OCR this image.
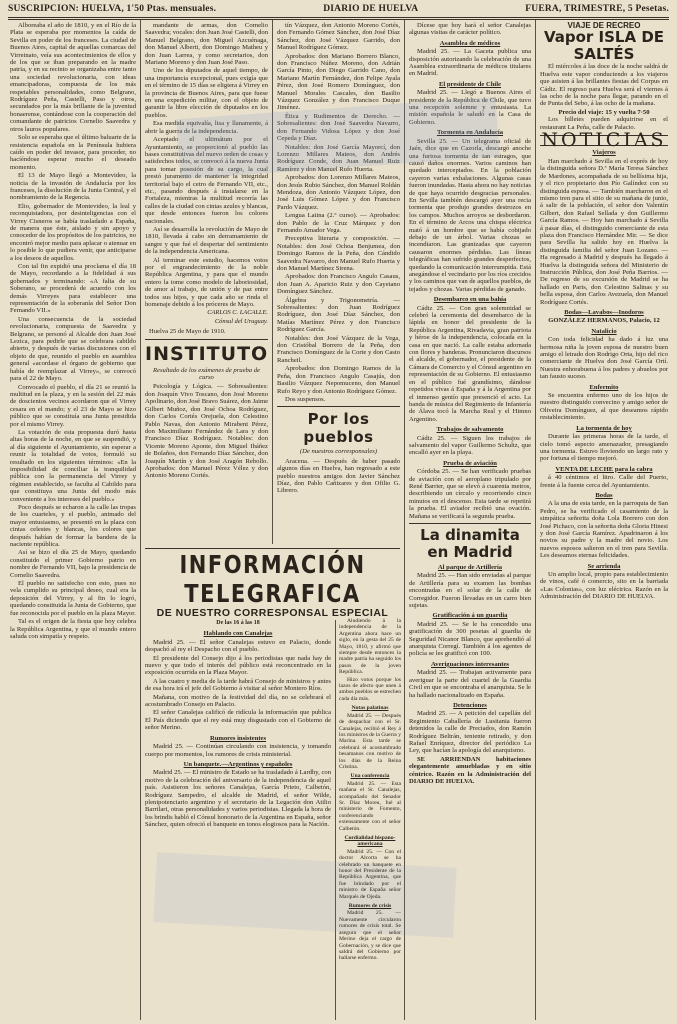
SUSCRIPCION: HUELVA, 1'50 Ptas. mensuales.	DIARIO DE HUELVA	FUERA, TRIMESTRE, 5 Pesetas.

Alboreaba el año de 1810, y en el Río de la Plata se esperaba por momentos la caída de Sevilla en poder de los franceses. La ciudad de Buenos Aires, capital de aquellas comarcas del Virreinato, veía sus acontecimientos de ellos y de los que se iban preparando en la madre patria, y en su recinto se organizaba entre tanto una sociedad revolucionaria, con ideas emancipadoras, compuesta de los más respetables personalidades, como Belgrano, Rodríguez Peña, Castelli, Paso y otros, secundados por la más brillante de la juventud bonaerense, contándose con la cooperación del comandante de patricios Cornelio Saavedra y otros lauros populares.

Solo se esperaba que el último baluarte de la resistencia española en la Península hubiera caído en poder del invasor, para proceder, no hacíéndose esperar mucho el deseado momento.

El 13 de Mayo llegó a Montevideo, la noticia de la invasión de Andalucía por los franceses, la disolución de la Junta Central, y el nombramiento de la Regencia.

Elio, gobernador de Montevideo, la leal y reconquistadora, por desinteligencias con el Virrey Cisneros se había trasladado a España, de manera que éste, aislado y sin apoyo y conocedor de los propósitos de los patricios, no encontró mejor medio para aplacar o atenuar en lo posible lo que pudiera venir, que anticiparse a los deseos de aquellos.

Con tal fin expidió una proclama el día 18 de Mayo, recordando a la fidelidad á sus gobernados y terminando: «A falta de su Soberano, se procederá de acuerdo con los demás Virreyes para establecer una representación de la soberanía del Señor Don Fernando VII.»

Una consecuencia de la sociedad revolucionaria, compuesta de Saavedra y Belgrano, se personó al Alcalde don Juan José Lezica, para pedirle que se celebrara cabildo abierto, y después de varias discusiones con el objeto de que, reunido el pueblo en asamblea general «acordase el órgano de gobierno que había de reemplazar al Virrey», se convocó para el 22 de Mayo.

Convocado el pueblo, el día 21 se reunió la multitud en la plaza, y en la sesión del 22 más de doscientos vecinos acordaron que el Virrey cesara en el mando; y el 23 de Mayo se hizo público que se constituía una Junta presidida por el mismo Virrey.

La votación de esta propuesta duró hasta altas horas de la noche, en que se suspendió, y al día siguiente el Ayuntamiento, sin esperar a reunir la totalidad de votos, formuló su resultado en los siguientes términos: «En la imposibilidad de conciliar la tranquilidad pública con la permanencia del Virrey y régimen establecido, se faculta al Cabildo para que constituya una Junta del modo más conveniente a los intereses del pueblo.»

Poco después se echaron a la calle las tropas de los cuarteles, y el pueblo, animado del mayor entusiasmo, se presentó en la plaza con cintas celestes y blancas, los colores que después habían de formar la bandera de la naciente república.

Así se hizo el día 25 de Mayo, quedando constituido el primer Gobierno patrio en nombre de Fernando VII, bajo la presidencia de Cornelio Saavedra.

El pueblo no satisfecho con esto, pues no vela cumplido su principal deseo, cual era la deposición del Virrey, y al fin lo logró, quedando constituida la Junta de Gobierno, que fue reconocida por el pueblo en la plaza Mayor.

Tal es el origen de la fiesta que hoy celebra la República Argentina, y que el mundo entero saluda con simpatía y respeto.

mandante de armas, don Cornelio Saavedra; vocales: don Juan José Castelli, don Manuel Belgrano, don Miguel Azcuénaga, don Manuel Alberti, don Domingo Matheu y don Juan Larrea, y como secretarios, don Mariano Moreno y don Juan José Paso.

Uno de los diputados de aquel tiempo, de una importancia excepcional, pues exigía que en el término de 15 días se eligiera á Virrey en la provincia de Buenos Aires, para que fuese en una expedición militar, con el objeto de garantir la libre elección de diputados en los pueblos.

Esa medida equivalía, lisa y llanamente, á abrir la guerra de la independencia.

Aceptado el ultimátum por el Ayuntamiento, se proporcionó al pueblo las bases constitutivas del nuevo orden de cosas y satisfechos todos, se convocó á la nueva Junta para tomar posesión de su cargo, la cual prestó juramento de mantener la integridad territorial bajo el cetro de Fernando VII, etc., etc., pasando después á instalarse en la Fortaleza, mientras la multitud recorría las calles de la ciudad con cintas azules y blancas, que desde entonces fueron los colores nacionales.

Así se desarrolla la revolución de Mayo de 1810, llevada á cabo sin derramamiento de sangre y que fué el despertar del sentimiento de la independencia Americana.

Al terminar este estudio, hacemos votos por el engrandecimiento de la noble República Argentina, y para que el mundo entero la tome como modelo de laboriosidad, de amor al trabajo, de unión y de paz entre todos sus hijos, y que cada año se rinda el homenaje debido á los próceres de Mayo.

CARLOS C. LACALLE.
Cónsul del Uruguay.
Huelva 25 de Mayo de 1910.
INSTITUTO
Resultado de los exámenes de prueba de curso

Psicología y Lógica. — Sobresalientes: don Joaquín Vivo Toscano, don José Moreno Apolinario, don José Bravo Suárez, don Jaime Gilbert Muñoz, don José Ochoa Rodríguez, don Carlos Cortés Orejuela, don Celestino Pablo Navas, don Antonio Mirabent Pérez, don Maximiliano Fernández de Lara y don Francisco Díaz Rodríguez. Notables: don Vicente Moreno Aponte, don Miguel Ibáñez de Bolaños, don Fernando Díaz Sánchez, don Joaquín Martín y don José Aragón Rebollo. Aprobados: don Manuel Pérez Vélez y don Antonio Moreno Cortés.

tín Vázquez, don Antonio Moreno Cortés, don Fernando Gómez Sánchez, don José Díaz Sánchez, don José Vázquez Garrido, don Manuel Rodríguez Gómez.

Aprobados: don Mariano Borrero Blanco, don Francisco Núñez Moreno, don Adrián García Pinto, don Diego Garrido Cano, don Mariano Martín Fernández, don Felipe Ayala Pérez, don José Romero Domínguez, don Manuel Morales Cascales, don Basilio Vázquez González y don Francisco Duque Jiménez.

Ética y Rudimentos de Derecho. — Sobresalientes: don José Saavedra Navarro, don Fernando Vidosa López y don José Cepeda y Díaz.

Notables: don José García Mayorcí, don Lorenzo Millares Mateos, don Andrés Rodríguez Conde, don Juan Manuel Ruiz Ramírez y don Manuel Rufo Huerta.

Aprobados: don Lorenzo Millares Mateos, don Jesús Rubio Sánchez, don Manuel Roldán Mendoza, don Antonio Vázquez López, don José Luis Gómez López y don Francisco Pardo Vázquez.

Lengua Latina (2.º curso). — Aprobados: don Pablo de la Cruz Márquez y don Fernando Amador Vega.

Preceptiva literaria y composición. — Notables: don José Ochoa Benjumea, don Domingo Ramos de la Peña, don Cándido Saavedra Navarro, don Manuel Rufo Huerta y don Manuel Martínez Sirena.

Aprobados: don Francisco Angulo Casaus, don Juan A. Aparicio Ruiz y don Cayetano Domínguez Sánchez.

Álgebra y Trigonometría. — Sobresalientes: don Juan Rodríguez Rodríguez, don José Díaz Sánchez, don Matías Martínez Pérez y don Francisco Rodríguez García.

Notables: don José Vázquez de la Vega, don Cristóbal Borrero de la Peña, don Francisco Domínguez de la Corte y don Casto Rancheil.

Aprobados: don Domingo Ramos de la Peña, don Francisco Angulo Casajús, don Basilio Vázquez Nepomuceno, don Manuel Rufo Reyo y don Antonio Rodríguez Gómez.

Dos suspensos.

Por los pueblos
(De nuestros corresponsales)

Aracena. — Después de haber pasado algunos días en Huelva, han regresado a este pueblo nuestros amigos don Javier Sánchez Díaz, don Pablo Cañizares y don Ofilio G. Librero.

INFORMACIÓN TELEGRAFICA
DE NUESTRO CORRESPONSAL ESPECIAL
De las 16 á las 18
Hablando con Canalejas

Madrid 25. — El señor Canalejas estuvo en Palacio, donde despachó al rey el Despacho con el pueblo.

El presidente del Consejo dijo á los periodistas que nada hay de nuevo y que todo el interés del público está reconcentrado en la exposición ocurrida en la Plaza Mayor.

A las cuatro y media de la tarde habrá Consejo de ministros y antes de esa hora irá el jefe del Gobierno á visitar al señor Montero Ríos.

Mañana, con motivo de la festividad del día, no se celebrará el acostumbrado Consejo en Palacio.

El señor Canalejas calificó de ridícula la información que publica El País diciendo que el rey está muy disgustado con el Gobierno de señor Merino.

Rumores insistentes

Madrid 25. — Continúan circulando con insistencia, y tomando cuerpo por momentos, los rumores de crisis ministerial.

Un banquete.—Argentinos y españoles

Madrid 25. — El ministro de Estado se ha trasladado á Lardhy, con motivo de la celebración del aniversario de la independencia de aquel país. Asistieron los señores Canalejas, García Prieto, Calbetón, Rodríguez Sampedro, el alcalde de Madrid, el señor Wilde, plenipotenciario argentino y el secretario de la Legación don Atilio Barrilari, otras personalidades y varios periodistas. Llegada la hora de los brindis habló el Cónsul honorario de la Argentina en España, señor Sánchez, quien ofreció el banquete en tonos elogiosos para la Nación.

Dícese que hoy hará el señor Canalejas algunas visitas de carácter político.

Asamblea de médicos

Madrid 25. — La Gaceta publica una disposición autorizando la celebración de una Asamblea extraordinaria de médicos titulares en Madrid.

El presidente de Chile

Madrid 25. — Llegó a Buenos Aires el presidente de la República de Chile, que tuvo una recepción solemne y entusiasta. La misión española le saludó en la Casa de Gobierno.

Tormenta en Andalucía

Sevilla 25. — Un telegrama oficial de Jaén, dice que en Cazorla, descargó anoche una furiosa tormenta de tan estragos, que causó daños enormes. Varios caminos han quedado interceptados. En la población cayeron varias exhalaciones. Algunas casas fueron inundadas. Hasta ahora no hay noticias de que haya ocurrido desgracias personales. En Sevilla también descargó ayer una recia tormenta que produjo grandes destrozos en los campos. Muchos arroyos se desbordaron. En el término de Arcos una chispa eléctrica mató á un hombre que se había cobijado debajo de un árbol. Varias chozas se incendiaron. Las granizadas que cayeron causaron enormes pérdidas. Las líneas telegráficas han sufrido grandes desperfectos, quedando la comunicación interrumpida. Está anegándose el vecindario por los ríos crecidos y los caminos que van de aquellos pueblos, de tejados y chozas. Varias pérdidas de ganado.

Desembarco en una bahía

Cádiz 25. — Con gran solemnidad se celebró la ceremonia del desembarco de la lápida en honor del presidente de la República Argentina, Rivadavia, gran patriota y héroe de la independencia, colocada en la casa en que nació. La calle estaba adornada con flores y banderas. Pronunciaron discursos el alcalde, el gobernador, el presidente de la Cámara de Comercio y el Cónsul argentino en representación de su Gobierno. El entusiasmo en el público fué grandísimo, dándose repetidos vivas á España y á la Argentina por el inmenso gentío que presenció el acto. La banda de música del Regimiento de Infantería de Álava tocó la Marcha Real y el Himno Argentino.

Trabajos de salvamento

Cádiz 25. — Siguen los trabajos de salvamento del vapor Guillermo Schultz, que encalló ayer en la playa.

Prueba de aviación

Córdoba 25. — Se han verificado pruebas de aviación con el aeroplano tripulado por René Barrier, que se elevó á cuarenta metros, describiendo un círculo y recorriendo cinco minutos en el descenso. Esta tarde se repetirá la prueba. El aviador recibió una ovación. Mañana se verificará la segunda prueba.

La dinamita en Madrid
Al parque de Artillería

Madrid 25. — Han sido enviadas al parque de Artillería para su examen las bombas encontradas en el solar de la calle de Corregidor. Fueron llevadas en un carro bien sujetas.

Gratificación á un guardia

Madrid 25. — Se le ha concedido una gratificación de 300 pesetas al guardia de Seguridad Nicanor Blanco, que aprehendió al anarquista Corregí. También á los agentes de policía se les gratificó con 100.

Averiguaciones interesantes

Madrid 25. — Trabajan activamente para averiguar la parte del cuartel de la Guardia Civil en que se encontraba el anarquista. Se le ha hallado nacionalizado en España.

Detenciones

Madrid 25. — A petición del capellán del Regimiento Caballería de Lusitania fueron detenidos la calle de Preciados, don Ramón Rodríguez Beltrán, teniente retirado, y don Rafael Enríquez, director del periódico La Ley, que hacían la apología del anarquismo.

SE ARRIENDAN habitaciones elegantemente amuebladas y en sitio céntrico. Razón en la Administración del DIARIO DE HUELVA.

VIAJE DE RECREO
Vapor ISLA DE SALTÉS

El miércoles á las doce de la noche saldrá de Huelva este vapor conduciendo a los viajeros que asisten á las brillantes fiestas del Corpus en Cádiz. El regreso para Huelva será el viernes á las ocho de la noche para llegar, parando en el de Punta del Sebo, á las ocho de la mañana.

Precio del viaje: 15 y vuelta 7·50

Los billetes pueden adquirirse en el restaurant La Peña, calle de Palacio.

NOTICIAS
Viajeros

Han marchado á Sevilla en el exprés de hoy la distinguida señora D.ª María Teresa Sánchez de Mardones, acompañada de su bellísima hija, y el rico propietario don Pío Galíndez con su distinguida esposa. — También marcharon en el mismo tren para el sitio de su mañana de junio, á salir de la población, el señor don Valentín Gilbert, don Rafael Sellada y don Guillermo García Ramos. — Hoy han marchado á Sevilla á pasar días, el distinguido comerciante de esta plaza don Francisco Hernández Mir. — Se dice para Sevilla ha salido hoy en Huelva la distinguida familia del señor Juan Lozano. — Ha regresado á Madrid y después ha llegado á Huelva la distinguida señora del Ministerio de Instrucción Pública, don José Peña Barrios. — De regreso de su excursión de Madrid se ha hallado en Paris, don Celestino Salinas y su bella esposa, don Carlos Avezuela, don Manuel Rodríguez Cortés.

Bodas—Lavabos—Inodoros

GONZÁLEZ HERMANOS, Palacio, 12

Natalicio

Con toda felicidad ha dado á luz una hermosa niña la joven esposa de nuestro buen amigo el letrado don Rodrigo Orta, hijo del rico comerciante de Huelva don José García Ortí. Nuestra enhorabuena á los padres y abuelos por tan fausto suceso.

Enfermito

Se encuentra enfermo uno de los hijos de nuestro distinguido convecino y amigo señor de Oliveira Domínguez, al que deseamos rápido restablecimiento.

La tormenta de hoy

Durante las primeras horas de la tarde, el cielo tomó aspecto amenazador, presagiando una tormenta. Estuvo lloviendo un largo rato y por fortuna el tiempo mejoró.

VENTA DE LECHE para la cabra

á 40 céntimos el litro. Calle del Puerto, frente á la fuente cerca del Ayuntamiento.

Bodas

A la una de esta tarde, en la parroquia de San Pedro, se ha verificado el casamiento de la simpática señorita doña Lola Borrero con don José Pichaco, con la señorita doña Gloria Hinesi y don José García Ramírez. Apadrinaron á los novios su padre y la madre del novio. Los nuevos esposos salieron en el tren para Sevilla. Les deseamos eternas felicidades.

Se arrienda

Un amplio local, propio para establecimiento de vinos, café ó comercio, sito en la barriada «Las Colonias», con luz eléctrica. Razón en la Administración del DIARIO DE HUELVA.

Aludiendo á la independencia de la Argentina ahora hace un siglo, en la gesta del 25 de Mayo, 1810, y afirmó que siempre desde entonces la madre patria ha seguido los pasos de la joven República.

Hizo votos porque los lazos de afecto que unen á ambos pueblos se estrechen cada día más.

Notas palatinas

Madrid 25. — Después de despachar con el Sr. Canalejas, recibió el Rey á los ministros de la Guerra y Marina. Esta tarde se celebrará el acostumbrado besamanos con motivo de los días de la Reina Cristina.

Una conferencia

Madrid 25. — Esta mañana el Sr. Canalejas, acompañado del Senador Sr. Díaz Moreu, fué al ministerio de Fomento, conferenciando extensamente con el señor Calbetón.

Cordialidad hispano-americana

Madrid 25. — Con el doctor Alcorta se ha celebrado un banquete en honor del Presidente de la República Argentina, que fue brindado por el ministro de España señor Marqués de Ojeda.

Rumores de crisis

Madrid 25. — Nuevamente circularon rumores de crisis total. Se asegura que el señor Merino deja el cargo de Gobernación, y se dice que saldrá del Gobierno por hallarse enfermo.
